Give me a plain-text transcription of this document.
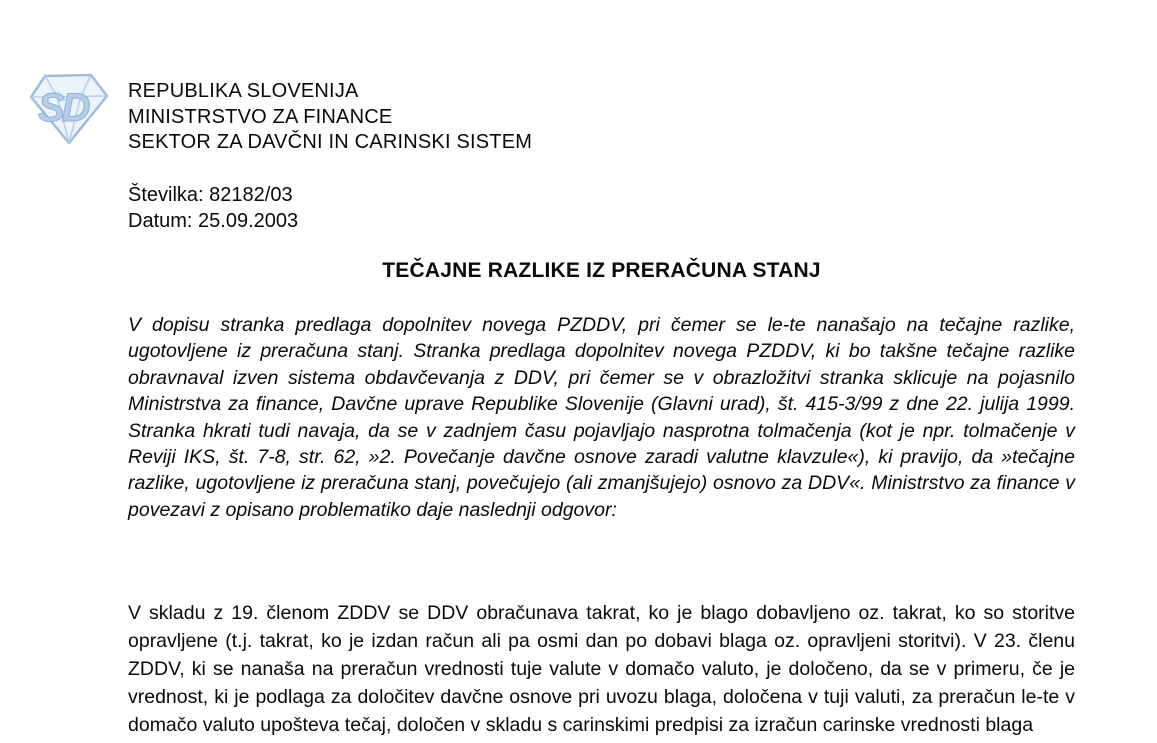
SD REPUBLIKA SLOVENIJA
MINISTRSTVO ZA FINANCE
SEKTOR ZA DAVČNI IN CARINSKI SISTEM
Številka: 82182/03
Datum: 25.09.2003
TEČAJNE RAZLIKE IZ PRERAČUNA STANJ

V dopisu stranka predlaga dopolnitev novega PZDDV, pri čemer se le-te nanašajo na tečajne razlike, ugotovljene iz preračuna stanj. Stranka predlaga dopolnitev novega PZDDV, ki bo takšne tečajne razlike obravnaval izven sistema obdavčevanja z DDV, pri čemer se v obrazložitvi stranka sklicuje na pojasnilo Ministrstva za finance, Davčne uprave Republike Slovenije (Glavni urad), št. 415-3/99 z dne 22. julija 1999. Stranka hkrati tudi navaja, da se v zadnjem času pojavljajo nasprotna tolmačenja (kot je npr. tolmačenje v Reviji IKS, št. 7-8, str. 62, »2. Povečanje davčne osnove zaradi valutne klavzule«), ki pravijo, da »tečajne razlike, ugotovljene iz preračuna stanj, povečujejo (ali zmanjšujejo) osnovo za DDV«. Ministrstvo za finance v povezavi z opisano problematiko daje naslednji odgovor:

V skladu z 19. členom ZDDV se DDV obračunava takrat, ko je blago dobavljeno oz. takrat, ko so storitve opravljene (t.j. takrat, ko je izdan račun ali pa osmi dan po dobavi blaga oz. opravljeni storitvi). V 23. členu ZDDV, ki se nanaša na preračun vrednosti tuje valute v domačo valuto, je določeno, da se v primeru, če je vrednost, ki je podlaga za določitev davčne osnove pri uvozu blaga, določena v tuji valuti, za preračun le-te v domačo valuto upošteva tečaj, določen v skladu s carinskimi predpisi za izračun carinske vrednosti blaga
